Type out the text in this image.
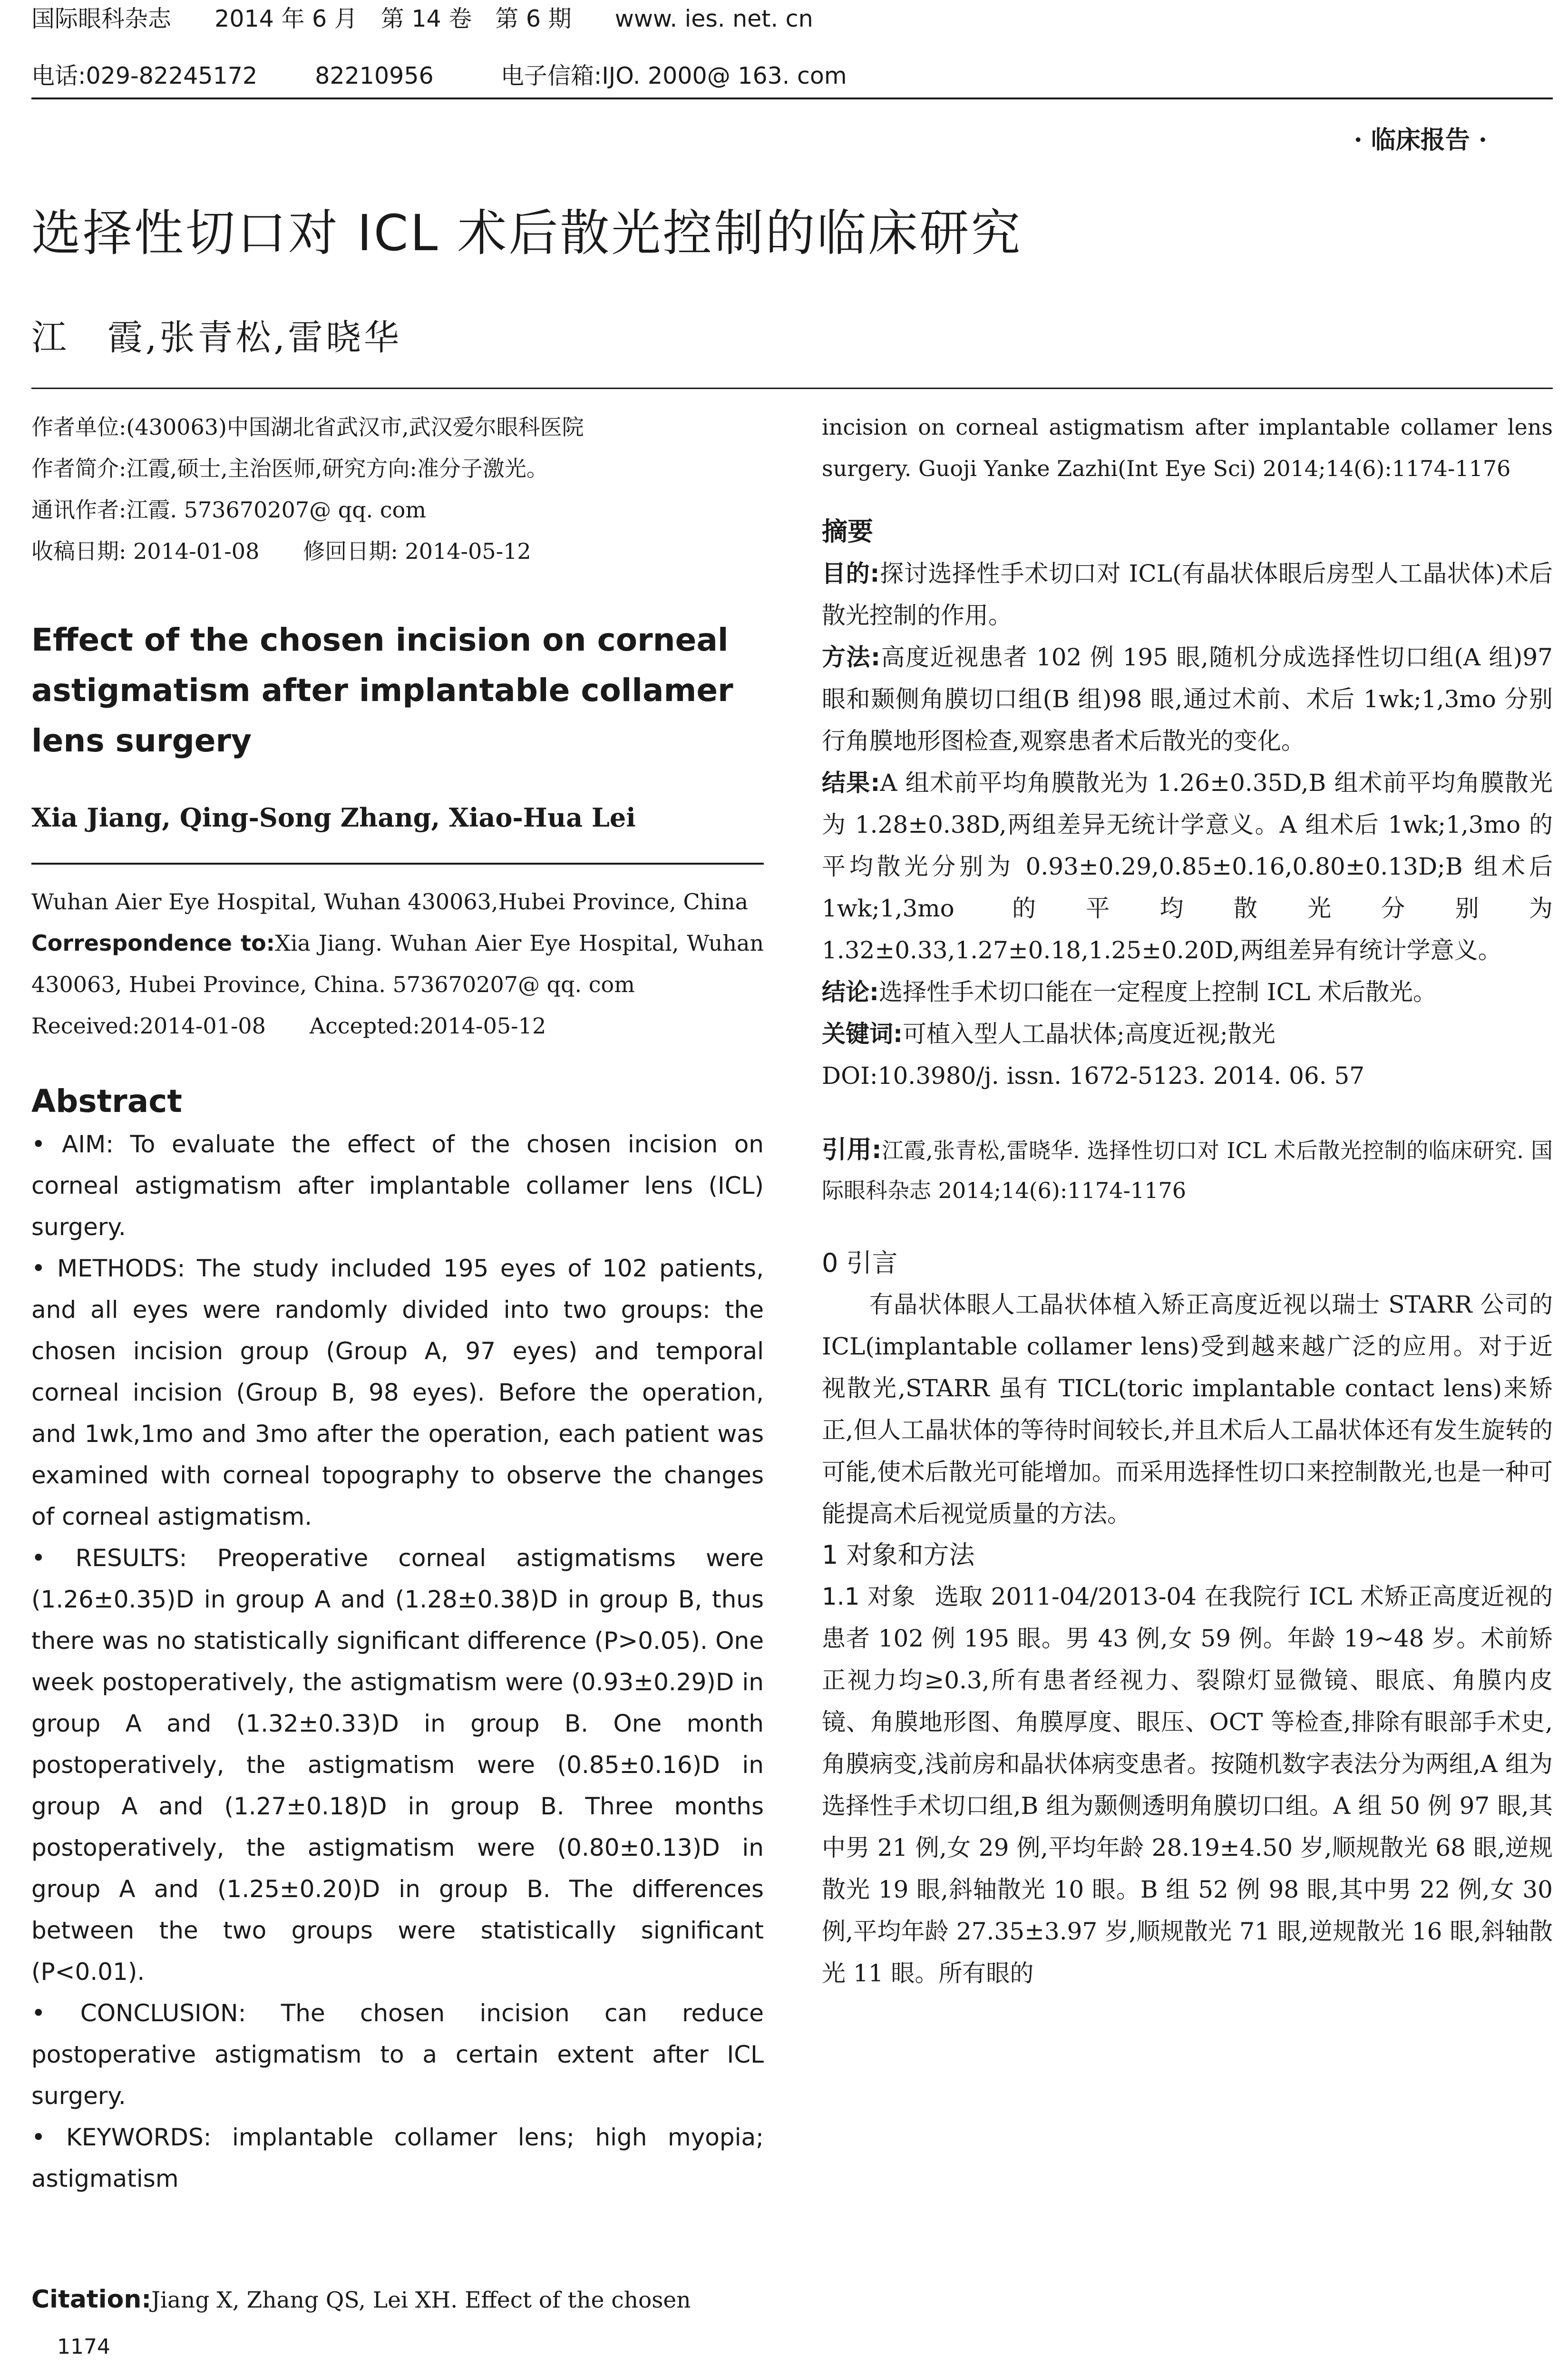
国际眼科杂志 2014 年 6 月　第 14 卷　第 6 期 www. ies. net. cn
电话:029-82245172 82210956	电子信箱:IJO. 2000@ 163. com
· 临床报告 ·
选择性切口对 ICL 术后散光控制的临床研究
江　霞,张青松,雷晓华
作者单位:(430063)中国湖北省武汉市,武汉爱尔眼科医院
作者简介:江霞,硕士,主治医师,研究方向:准分子激光。
通讯作者:江霞. 573670207@ qq. com
收稿日期: 2014-01-08　　修回日期: 2014-05-12
Effect of the chosen incision on corneal astigmatism after implantable collamer lens surgery
Xia Jiang, Qing-Song Zhang, Xiao-Hua Lei
Wuhan Aier Eye Hospital, Wuhan 430063,Hubei Province, China
Correspondence to:Xia Jiang. Wuhan Aier Eye Hospital, Wuhan 430063, Hubei Province, China. 573670207@ qq. com
Received:2014-01-08　　Accepted:2014-05-12
Abstract

• AIM: To evaluate the effect of the chosen incision on corneal astigmatism after implantable collamer lens (ICL) surgery.

• METHODS: The study included 195 eyes of 102 patients, and all eyes were randomly divided into two groups: the chosen incision group (Group A, 97 eyes) and temporal corneal incision (Group B, 98 eyes). Before the operation, and 1wk,1mo and 3mo after the operation, each patient was examined with corneal topography to observe the changes of corneal astigmatism.

• RESULTS: Preoperative corneal astigmatisms were (1.26±0.35)D in group A and (1.28±0.38)D in group B, thus there was no statistically significant difference (P>0.05). One week postoperatively, the astigmatism were (0.93±0.29)D in group A and (1.32±0.33)D in group B. One month postoperatively, the astigmatism were (0.85±0.16)D in group A and (1.27±0.18)D in group B. Three months postoperatively, the astigmatism were (0.80±0.13)D in group A and (1.25±0.20)D in group B. The differences between the two groups were statistically significant (P<0.01).

• CONCLUSION: The chosen incision can reduce postoperative astigmatism to a certain extent after ICL surgery.

• KEYWORDS: implantable collamer lens; high myopia; astigmatism

Citation:Jiang X, Zhang QS, Lei XH. Effect of the chosen
1174
incision on corneal astigmatism after implantable collamer lens surgery. Guoji Yanke Zazhi(Int Eye Sci) 2014;14(6):1174-1176
摘要

目的:探讨选择性手术切口对 ICL(有晶状体眼后房型人工晶状体)术后散光控制的作用。

方法:高度近视患者 102 例 195 眼,随机分成选择性切口组(A 组)97 眼和颞侧角膜切口组(B 组)98 眼,通过术前、术后 1wk;1,3mo 分别行角膜地形图检查,观察患者术后散光的变化。

结果:A 组术前平均角膜散光为 1.26±0.35D,B 组术前平均角膜散光为 1.28±0.38D,两组差异无统计学意义。A 组术后 1wk;1,3mo 的平均散光分别为 0.93±0.29,0.85±0.16,0.80±0.13D;B 组术后 1wk;1,3mo 的平均散光分别为 1.32±0.33,1.27±0.18,1.25±0.20D,两组差异有统计学意义。

结论:选择性手术切口能在一定程度上控制 ICL 术后散光。

关键词:可植入型人工晶状体;高度近视;散光

DOI:10.3980/j. issn. 1672-5123. 2014. 06. 57

引用:江霞,张青松,雷晓华. 选择性切口对 ICL 术后散光控制的临床研究. 国际眼科杂志 2014;14(6):1174-1176
0 引言
有晶状体眼人工晶状体植入矫正高度近视以瑞士 STARR 公司的 ICL(implantable collamer lens)受到越来越广泛的应用。对于近视散光,STARR 虽有 TICL(toric implantable contact lens)来矫正,但人工晶状体的等待时间较长,并且术后人工晶状体还有发生旋转的可能,使术后散光可能增加。而采用选择性切口来控制散光,也是一种可能提高术后视觉质量的方法。
1 对象和方法
1.1 对象 选取 2011-04/2013-04 在我院行 ICL 术矫正高度近视的患者 102 例 195 眼。男 43 例,女 59 例。年龄 19~48 岁。术前矫正视力均≥0.3,所有患者经视力、裂隙灯显微镜、眼底、角膜内皮镜、角膜地形图、角膜厚度、眼压、OCT 等检查,排除有眼部手术史,角膜病变,浅前房和晶状体病变患者。按随机数字表法分为两组,A 组为选择性手术切口组,B 组为颞侧透明角膜切口组。A 组 50 例 97 眼,其中男 21 例,女 29 例,平均年龄 28.19±4.50 岁,顺规散光 68 眼,逆规散光 19 眼,斜轴散光 10 眼。B 组 52 例 98 眼,其中男 22 例,女 30 例,平均年龄 27.35±3.97 岁,顺规散光 71 眼,逆规散光 16 眼,斜轴散光 11 眼。所有眼的
